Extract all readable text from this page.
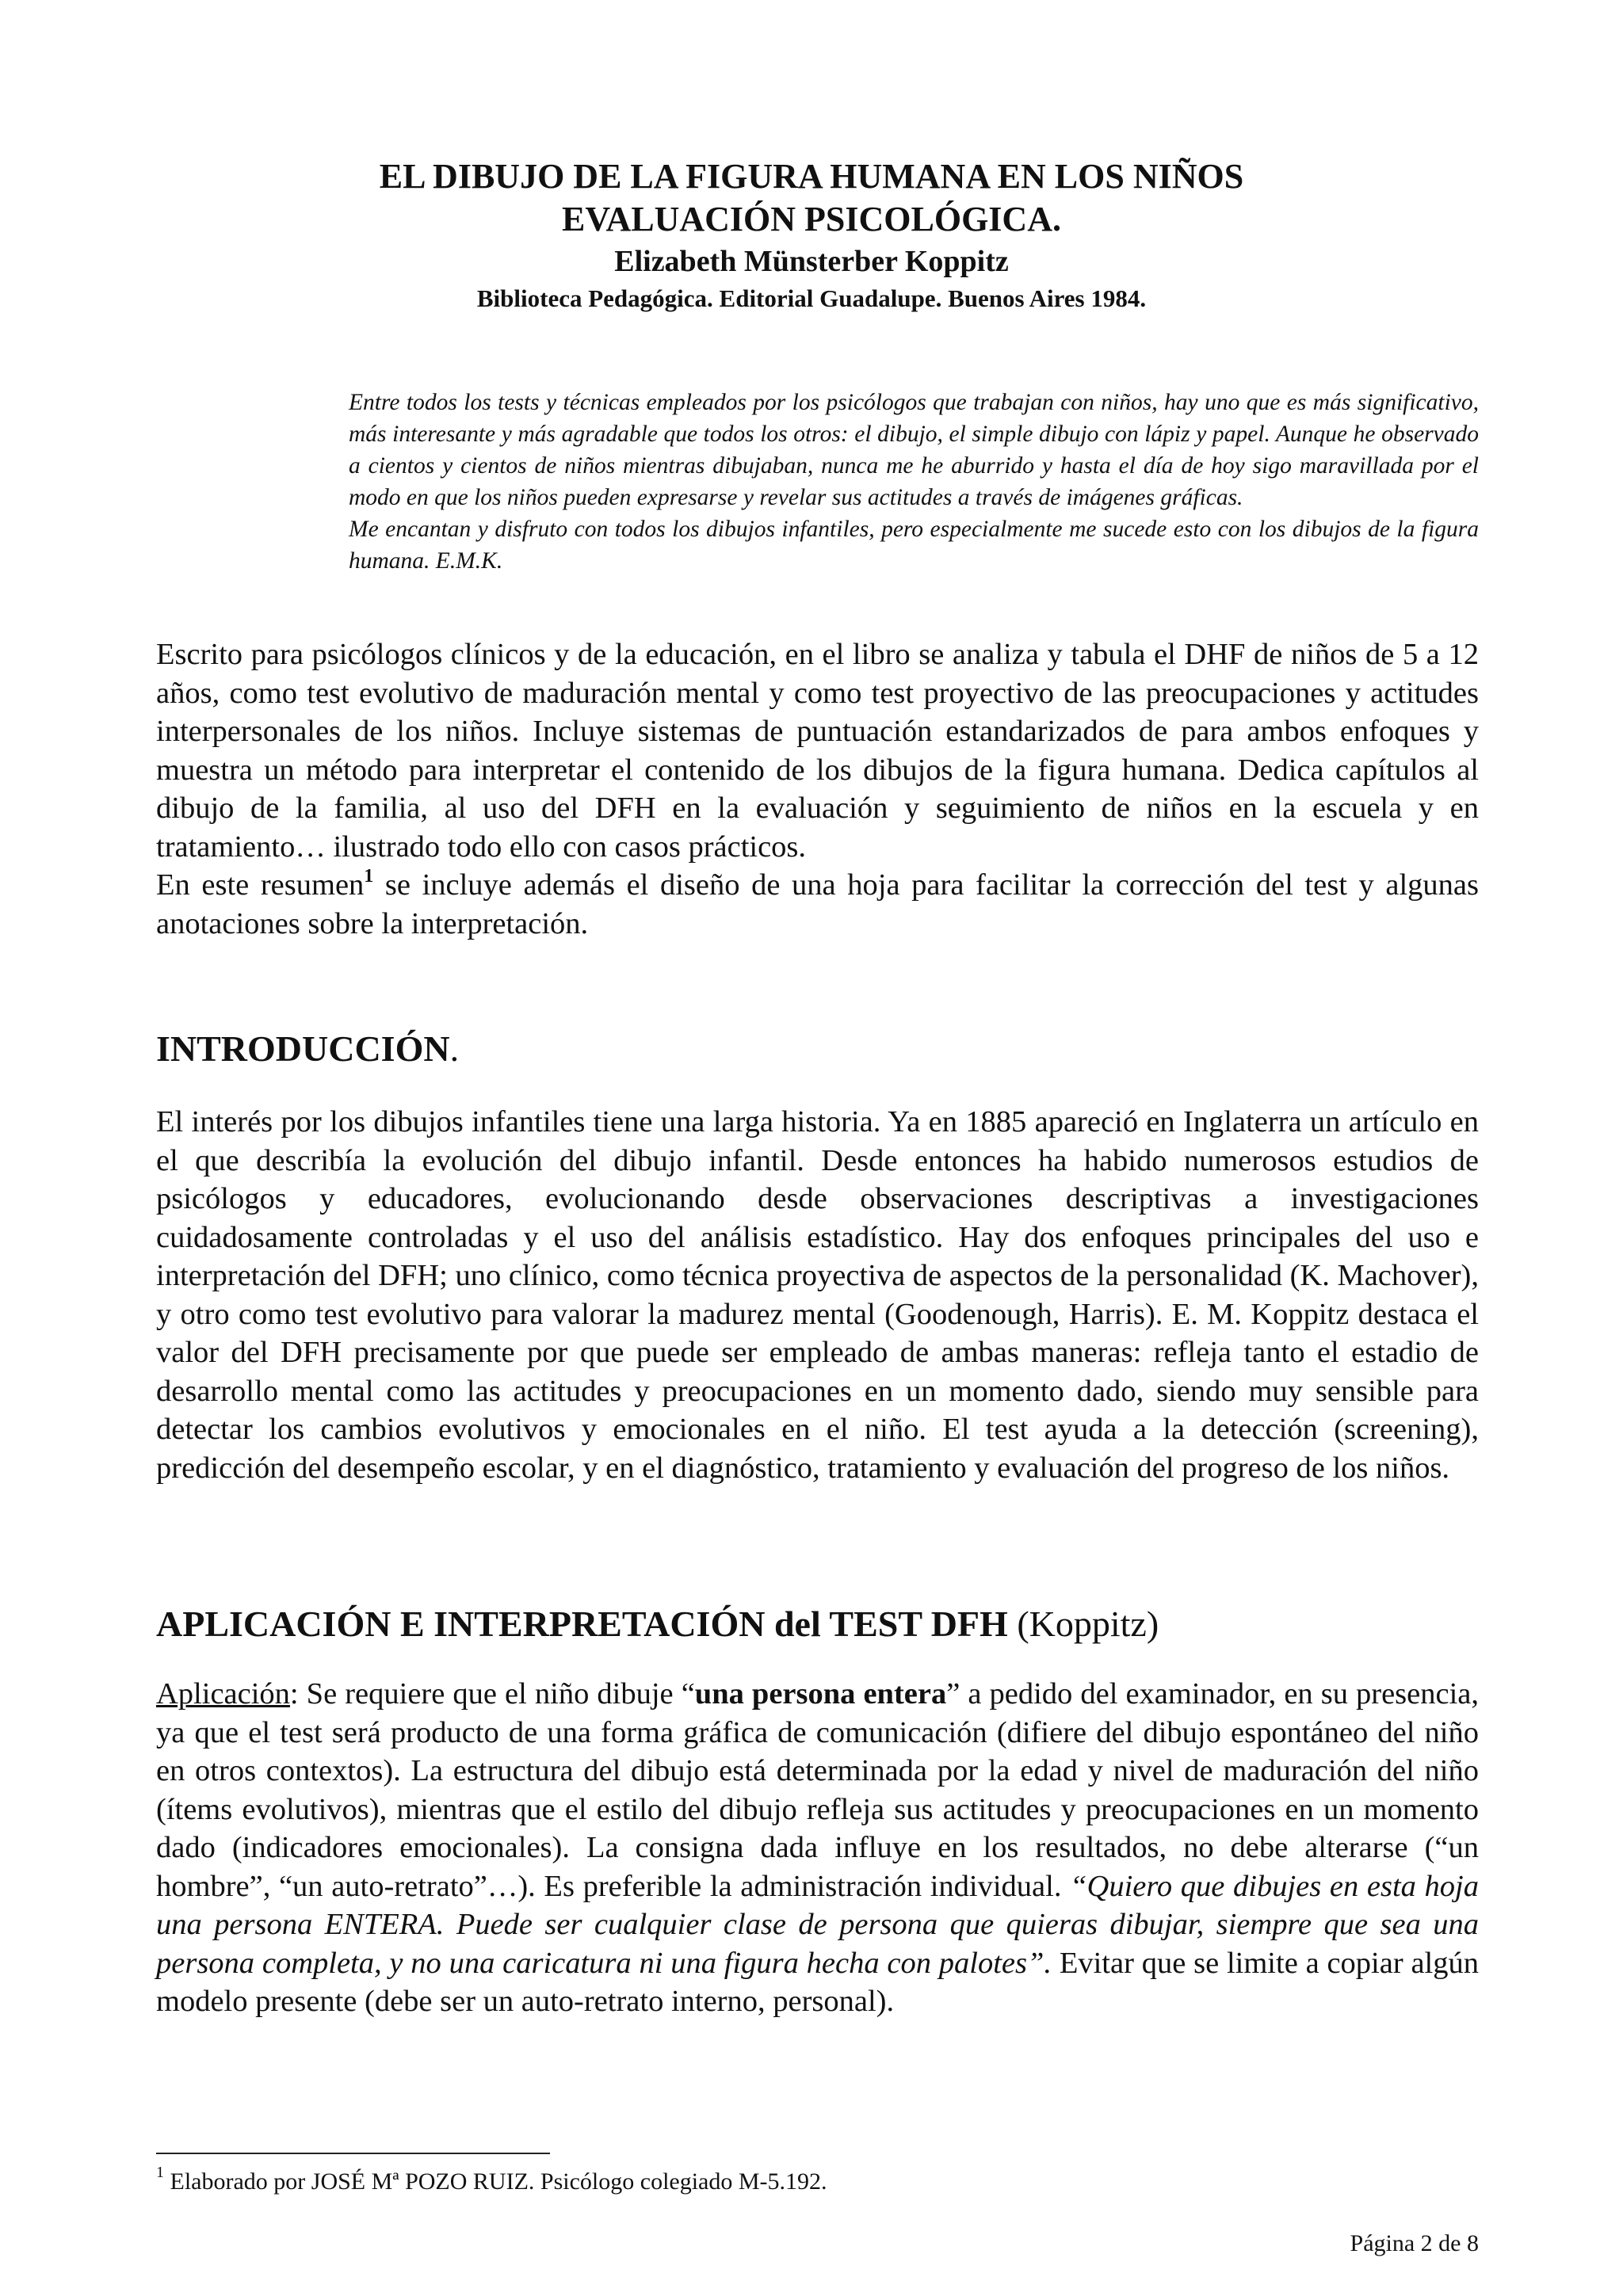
EL DIBUJO DE LA FIGURA HUMANA EN LOS NIÑOS
EVALUACIÓN PSICOLÓGICA.
Elizabeth Münsterber Koppitz
Biblioteca Pedagógica. Editorial Guadalupe. Buenos Aires 1984.

Entre todos los tests y técnicas empleados por los psicólogos que trabajan con niños, hay uno que es más significativo, más interesante y más agradable que todos los otros: el dibujo, el simple dibujo con lápiz y papel. Aunque he observado a cientos y cientos de niños mientras dibujaban, nunca me he aburrido y hasta el día de hoy sigo maravillada por el modo en que los niños pueden expresarse y revelar sus actitudes a través de imágenes gráficas.

Me encantan y disfruto con todos los dibujos infantiles, pero especialmente me sucede esto con los dibujos de la figura humana. E.M.K.

Escrito para psicólogos clínicos y de la educación, en el libro se analiza y tabula el DHF de niños de 5 a 12 años, como test evolutivo de maduración mental y como test proyectivo de las preocupaciones y actitudes interpersonales de los niños. Incluye sistemas de puntuación estandarizados de para ambos enfoques y muestra un método para interpretar el contenido de los dibujos de la figura humana. Dedica capítulos al dibujo de la familia, al uso del DFH en la evaluación y seguimiento de niños en la escuela y en tratamiento… ilustrado todo ello con casos prácticos.

En este resumen$^1$ se incluye además el diseño de una hoja para facilitar la corrección del test y algunas anotaciones sobre la interpretación.

INTRODUCCIÓN.

El interés por los dibujos infantiles tiene una larga historia. Ya en 1885 apareció en Inglaterra un artículo en el que describía la evolución del dibujo infantil. Desde entonces ha habido numerosos estudios de psicólogos y educadores, evolucionando desde observaciones descriptivas a investigaciones cuidadosamente controladas y el uso del análisis estadístico. Hay dos enfoques principales del uso e interpretación del DFH; uno clínico, como técnica proyectiva de aspectos de la personalidad (K. Machover), y otro como test evolutivo para valorar la madurez mental (Goodenough, Harris). E. M. Koppitz destaca el valor del DFH precisamente por que puede ser empleado de ambas maneras: refleja tanto el estadio de desarrollo mental como las actitudes y preocupaciones en un momento dado, siendo muy sensible para detectar los cambios evolutivos y emocionales en el niño. El test ayuda a la detección (screening), predicción del desempeño escolar, y en el diagnóstico, tratamiento y evaluación del progreso de los niños.

APLICACIÓN E INTERPRETACIÓN del TEST DFH (Koppitz)

Aplicación: Se requiere que el niño dibuje “una persona entera” a pedido del examinador, en su presencia, ya que el test será producto de una forma gráfica de comunicación (difiere del dibujo espontáneo del niño en otros contextos). La estructura del dibujo está determinada por la edad y nivel de maduración del niño (ítems evolutivos), mientras que el estilo del dibujo refleja sus actitudes y preocupaciones en un momento dado (indicadores emocionales). La consigna dada influye en los resultados, no debe alterarse (“un hombre”, “un auto-retrato”…). Es preferible la administración individual. “Quiero que dibujes en esta hoja una persona ENTERA. Puede ser cualquier clase de persona que quieras dibujar, siempre que sea una persona completa, y no una caricatura ni una figura hecha con palotes”. Evitar que se limite a copiar algún modelo presente (debe ser un auto-retrato interno, personal).

$^1$ Elaborado por JOSÉ Mª POZO RUIZ. Psicólogo colegiado M-5.192.
Página 2 de 8
